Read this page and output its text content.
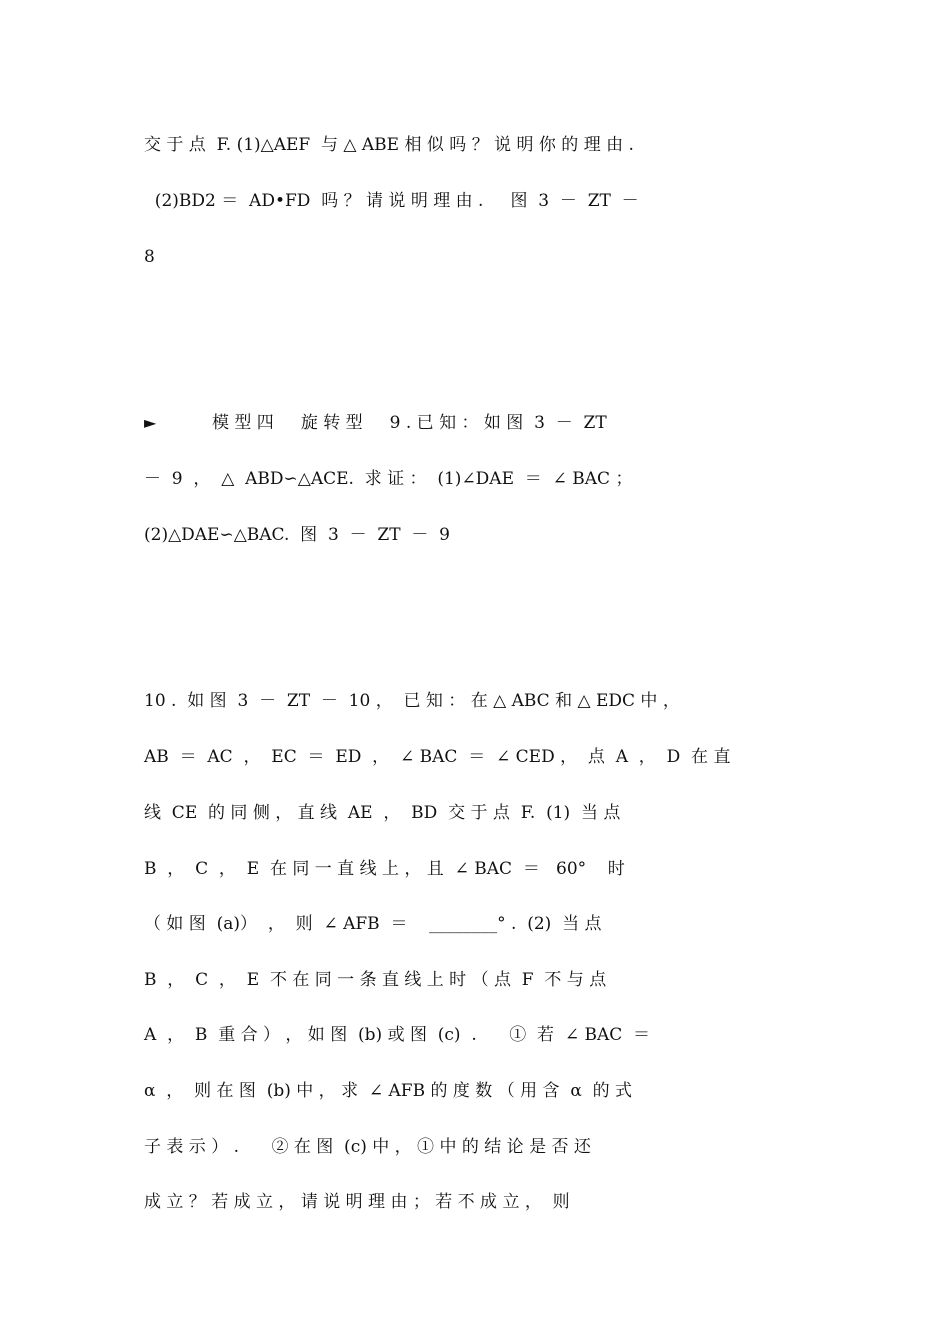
交 于 点  F. (1)△AEF  与 △ ABE 相 似 吗 ？ 说 明 你 的 理 由 .
(2)BD2 ＝  AD•FD  吗 ？ 请 说 明 理 由 .     图  3  －  ZT  －
8
►	模 型 四     旋 转 型     9 . 已 知 ： 如 图  3  －  ZT
－  9  ，  △  ABD∽△ACE.  求 证 ：  (1)∠DAE  ＝  ∠ BAC ；
(2)△DAE∽△BAC.  图  3  －  ZT  －  9
10 .  如 图  3  －  ZT  －  10 ，  已 知 ： 在 △ ABC 和 △ EDC 中 ，
AB  ＝  AC  ，  EC  ＝  ED  ，  ∠ BAC  ＝  ∠ CED ，  点  A  ，  D  在 直
线  CE  的 同 侧 ， 直 线  AE  ，  BD  交 于 点  F.  (1)  当 点
B  ，  C  ，  E  在 同 一 直 线 上 ， 且  ∠ BAC  ＝   60°    时
（ 如 图  (a)）  ，  则  ∠ AFB  ＝    ________° .  (2)  当 点
B  ，  C  ，  E  不 在 同 一 条 直 线 上 时 （ 点  F  不 与 点
A  ，  B  重 合 ） ， 如 图  (b) 或 图  (c)  .      ①  若  ∠ BAC  ＝
α  ，  则 在 图  (b) 中 ， 求  ∠ AFB 的 度 数 （ 用 含  α  的 式
子 表 示 ） .      ② 在 图  (c) 中 ， ① 中 的 结 论 是 否 还
成 立 ？ 若 成 立 ， 请 说 明 理 由 ； 若 不 成 立 ，  则
